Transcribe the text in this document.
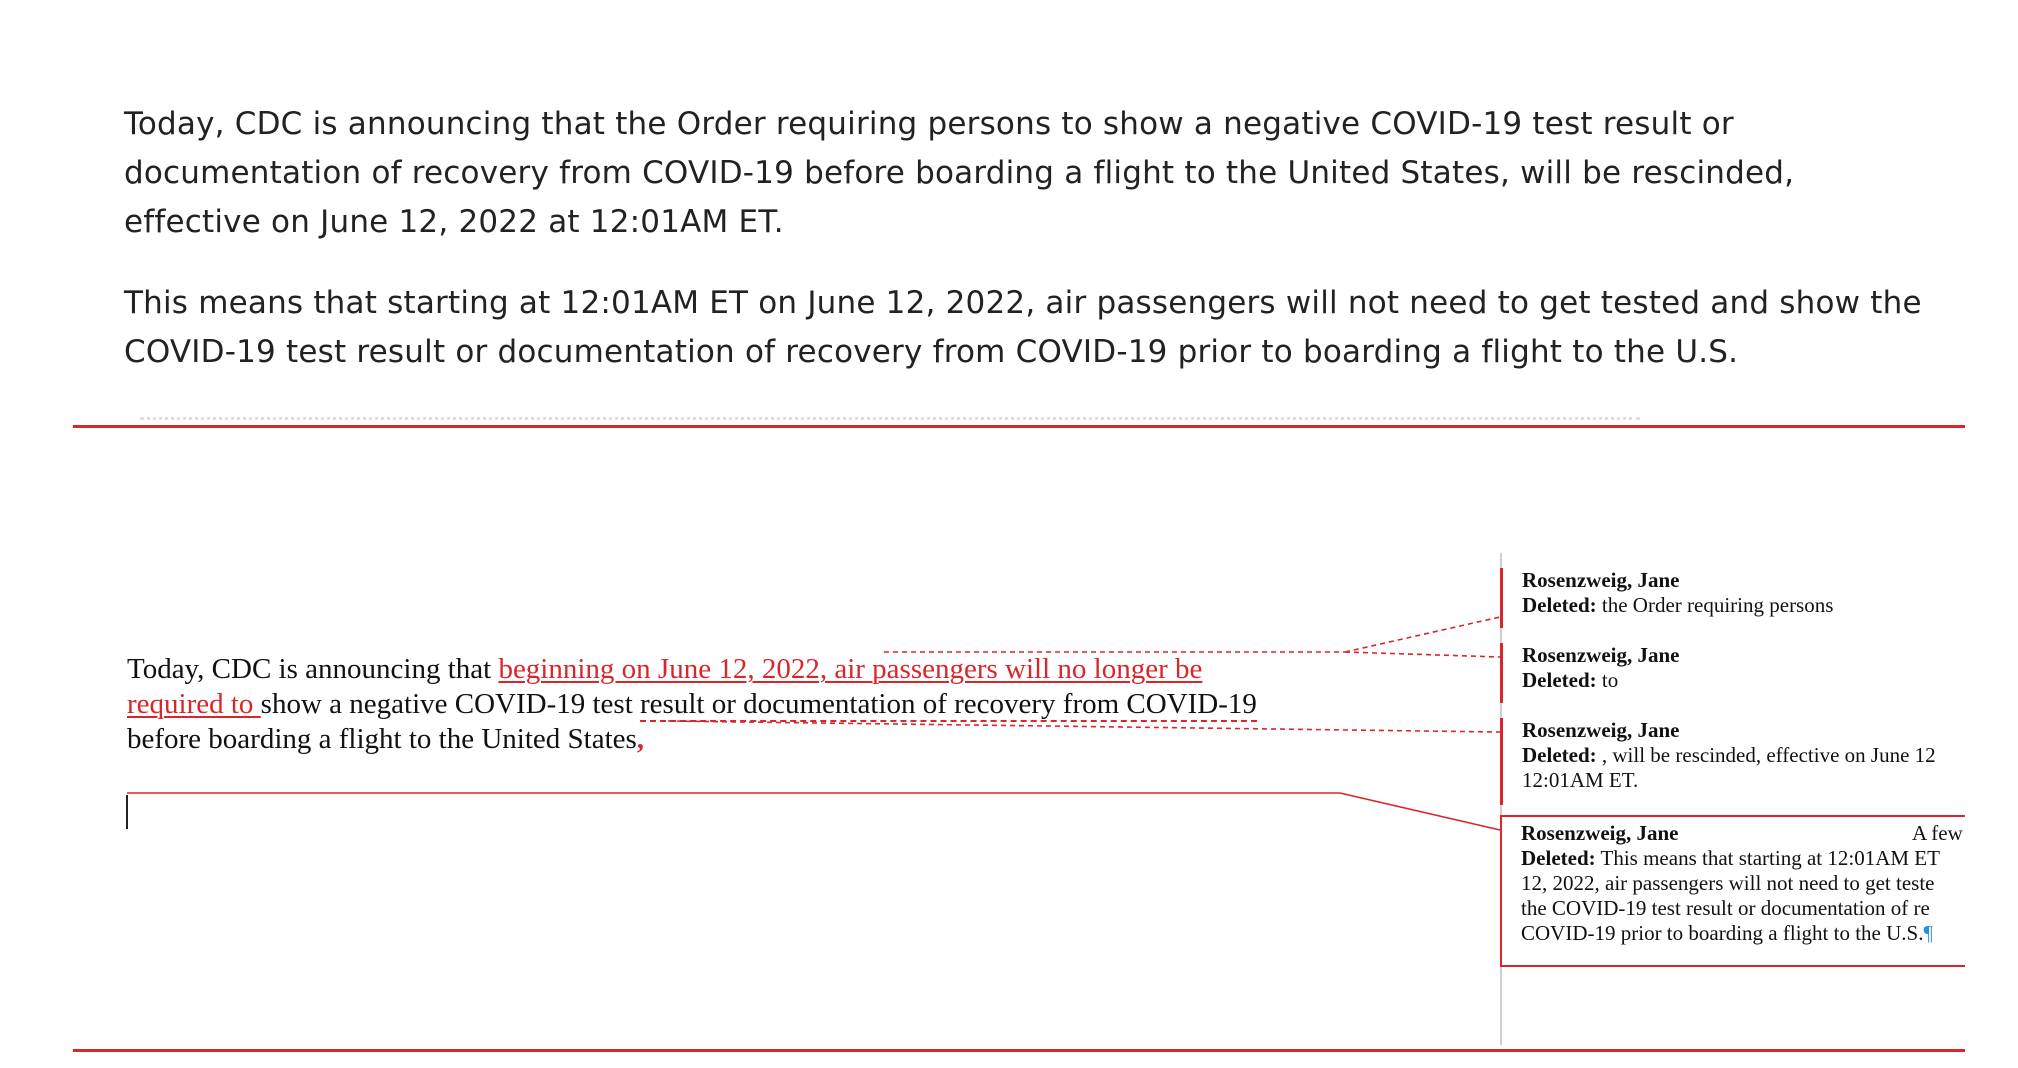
Today, CDC is announcing that the Order requiring persons to show a negative COVID-19 test result or documentation of recovery from COVID-19 before boarding a flight to the United States, will be rescinded, effective on June 12, 2022 at 12:01AM ET.

This means that starting at 12:01AM ET on June 12, 2022, air passengers will not need to get tested and show the COVID-19 test result or documentation of recovery from COVID-19 prior to boarding a flight to the U.S.

Today, CDC is announcing that beginning on June 12, 2022, air passengers will no longer be
required to show a negative COVID-19 test result or documentation of recovery from COVID-19
before boarding a flight to the United States,
Rosenzweig, Jane
Deleted: the Order requiring persons
Rosenzweig, Jane
Deleted: to
Rosenzweig, Jane
Deleted: , will be rescinded, effective on June 12
12:01AM ET.
Rosenzweig, Jane	A few
Deleted: This means that starting at 12:01AM ET
12, 2022, air passengers will not need to get teste
the COVID-19 test result or documentation of re
COVID-19 prior to boarding a flight to the U.S.¶
